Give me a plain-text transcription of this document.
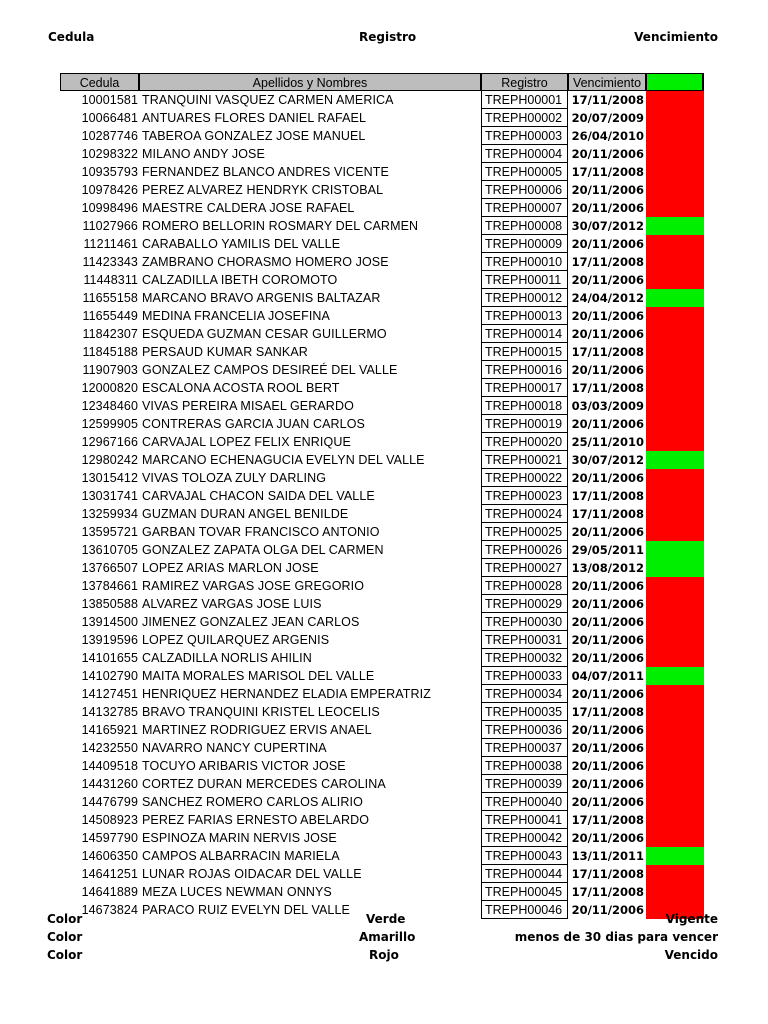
Cedula	Registro	Vencimiento
Cedula	Apellidos y Nombres	Registro	Vencimiento
10001581 TRANQUINI VASQUEZ CARMEN AMERICA	TREPH00001 17/11/2008
10066481 ANTUARES FLORES DANIEL RAFAEL	TREPH00002 20/07/2009
10287746 TABEROA GONZALEZ JOSE MANUEL	TREPH00003 26/04/2010
10298322 MILANO ANDY JOSE	TREPH00004 20/11/2006
10935793 FERNANDEZ BLANCO ANDRES VICENTE	TREPH00005 17/11/2008
10978426 PEREZ ALVAREZ HENDRYK CRISTOBAL	TREPH00006 20/11/2006
10998496 MAESTRE CALDERA JOSE RAFAEL	TREPH00007 20/11/2006
11027966 ROMERO BELLORIN ROSMARY DEL CARMEN	TREPH00008 30/07/2012
11211461 CARABALLO YAMILIS DEL VALLE	TREPH00009 20/11/2006
11423343 ZAMBRANO CHORASMO HOMERO JOSE	TREPH00010 17/11/2008
11448311 CALZADILLA IBETH COROMOTO	TREPH00011 20/11/2006
11655158 MARCANO BRAVO ARGENIS BALTAZAR	TREPH00012 24/04/2012
11655449 MEDINA FRANCELIA JOSEFINA	TREPH00013 20/11/2006
11842307 ESQUEDA GUZMAN CESAR GUILLERMO	TREPH00014 20/11/2006
11845188 PERSAUD KUMAR SANKAR	TREPH00015 17/11/2008
11907903 GONZALEZ CAMPOS DESIREÉ DEL VALLE	TREPH00016 20/11/2006
12000820 ESCALONA ACOSTA ROOL BERT	TREPH00017 17/11/2008
12348460 VIVAS PEREIRA MISAEL GERARDO	TREPH00018 03/03/2009
12599905 CONTRERAS GARCIA JUAN CARLOS	TREPH00019 20/11/2006
12967166 CARVAJAL LOPEZ FELIX ENRIQUE	TREPH00020 25/11/2010
12980242 MARCANO ECHENAGUCIA EVELYN DEL VALLE	TREPH00021 30/07/2012
13015412 VIVAS TOLOZA ZULY DARLING	TREPH00022 20/11/2006
13031741 CARVAJAL CHACON SAIDA DEL VALLE	TREPH00023 17/11/2008
13259934 GUZMAN DURAN ANGEL BENILDE	TREPH00024 17/11/2008
13595721 GARBAN TOVAR FRANCISCO ANTONIO	TREPH00025 20/11/2006
13610705 GONZALEZ ZAPATA OLGA DEL CARMEN	TREPH00026 29/05/2011
13766507 LOPEZ ARIAS MARLON JOSE	TREPH00027 13/08/2012
13784661 RAMIREZ VARGAS JOSE GREGORIO	TREPH00028 20/11/2006
13850588 ALVAREZ VARGAS JOSE LUIS	TREPH00029 20/11/2006
13914500 JIMENEZ GONZALEZ JEAN CARLOS	TREPH00030 20/11/2006
13919596 LOPEZ QUILARQUEZ ARGENIS	TREPH00031 20/11/2006
14101655 CALZADILLA NORLIS AHILIN	TREPH00032 20/11/2006
14102790 MAITA MORALES MARISOL DEL VALLE	TREPH00033 04/07/2011
14127451 HENRIQUEZ HERNANDEZ ELADIA EMPERATRIZ	TREPH00034 20/11/2006
14132785 BRAVO TRANQUINI KRISTEL LEOCELIS	TREPH00035 17/11/2008
14165921 MARTINEZ RODRIGUEZ ERVIS ANAEL	TREPH00036 20/11/2006
14232550 NAVARRO NANCY CUPERTINA	TREPH00037 20/11/2006
14409518 TOCUYO ARIBARIS VICTOR JOSE	TREPH00038 20/11/2006
14431260 CORTEZ DURAN MERCEDES CAROLINA	TREPH00039 20/11/2006
14476799 SANCHEZ ROMERO CARLOS ALIRIO	TREPH00040 20/11/2006
14508923 PEREZ FARIAS ERNESTO ABELARDO	TREPH00041 17/11/2008
14597790 ESPINOZA MARIN NERVIS JOSE	TREPH00042 20/11/2006
14606350 CAMPOS ALBARRACIN MARIELA	TREPH00043 13/11/2011
14641251 LUNAR ROJAS OIDACAR DEL VALLE	TREPH00044 17/11/2008
14641889 MEZA LUCES NEWMAN ONNYS	TREPH00045 17/11/2008
14673824 PARACO RUIZ EVELYN DEL VALLE	TREPH00046 20/11/2006
Color	Verde	Vigente
Color	Amarillo	menos de 30 dias para vencer
Color	Rojo	Vencido
